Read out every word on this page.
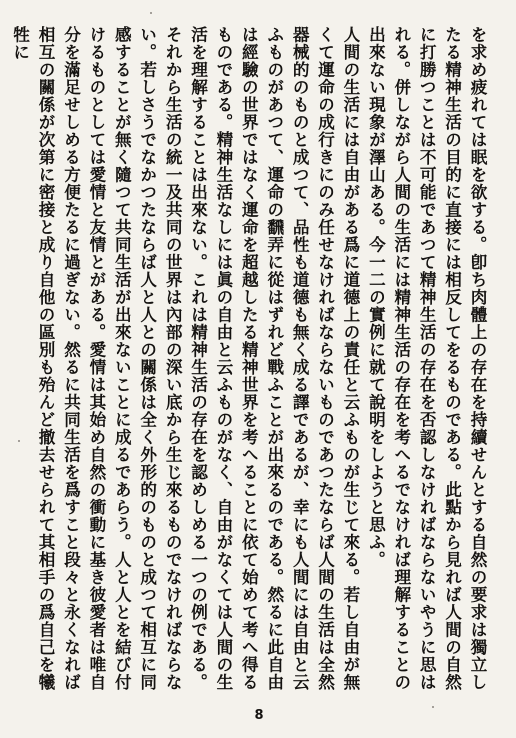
を求め疲れては眠を欲する。卽ち肉體上の存在を持續せんとする自然の要求は獨立したる精神生活の目的に直接には相反してをるものである。此點から見れば人間の自然に打勝つことは不可能であつて精神生活の存在を否認しなければならないやうに思はれる。併しながら人間の生活には精神生活の存在を考へるでなければ理解することの出來ない現象が澤山ある。今一二の實例に就て說明をしようと思ふ。

人間の生活には自由がある爲に道德上の責任と云ふものが生じて來る。若し自由が無くて運命の成行きにのみ任せなければならないものであつたならば人間の生活は全然器械的のものと成つて、品性も道德も無く成る譯であるが、幸にも人間には自由と云ふものがあつて、運命の飜弄に從はずれど戰ふことが出來るのである。然るに此自由は經驗の世界ではなく運命を超越したる精神世界を考へることに依て始めて考へ得るものである。精神生活なしには眞の自由と云ふものがなく、自由がなくては人間の生活を理解することは出來ない。これは精神生活の存在を認めしめる一つの例である。

それから生活の統一及共同の世界は內部の深い底から生じ來るものでなければならない。若しさうでなかつたならば人と人との關係は全く外形的のものと成つて相互に同感することが無く隨つて共同生活が出來ないことに成るであらう。人と人とを結び付けるものとしては愛情と友情とがある。愛情は其始め自然の衝動に基き彼愛者は唯自分を滿足せしめる方便たるに過ぎない。然るに共同生活を爲すこと段々と永くなれば相互の關係が次第に密接と成り自他の區別も殆んど撤去せられて其相手の爲自己を犧牲に

8
